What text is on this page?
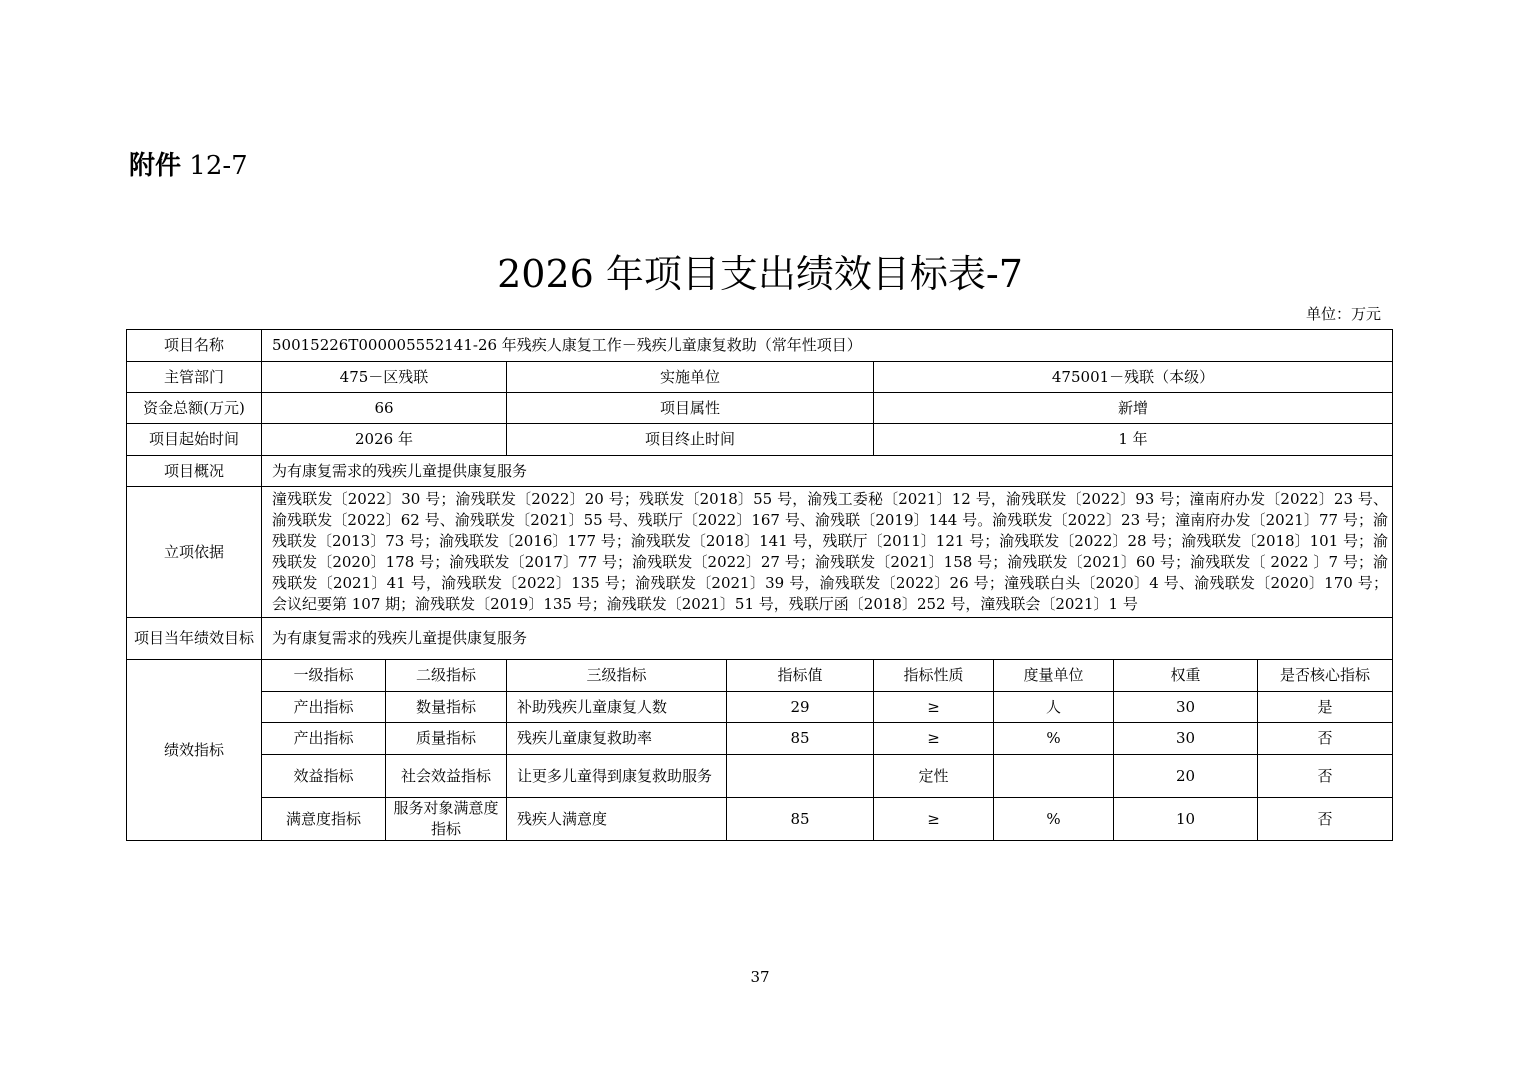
附件 12-7
2026 年项目支出绩效目标表-7
单位：万元
项目名称	50015226T000005552141-26 年残疾人康复工作－残疾儿童康复救助（常年性项目）							
主管部门	475－区残联		实施单位		475001－残联（本级）			
资金总额(万元)	66		项目属性		新增			
项目起始时间	2026 年		项目终止时间		1 年			
项目概况	为有康复需求的残疾儿童提供康复服务							
立项依据	潼残联发〔2022〕30 号；渝残联发〔2022〕20 号；残联发〔2018〕55 号，渝残工委秘〔2021〕12 号，渝残联发〔2022〕93 号；潼南府办发〔2022〕23 号、渝残联发〔2022〕62 号、渝残联发〔2021〕55 号、残联厅〔2022〕167 号、渝残联〔2019〕144 号。渝残联发〔2022〕23 号；潼南府办发〔2021〕77 号；渝残联发〔2013〕73 号；渝残联发〔2016〕177 号；渝残联发〔2018〕141 号，残联厅〔2011〕121 号；渝残联发〔2022〕28 号；渝残联发〔2018〕101 号；渝残联发〔2020〕178 号；渝残联发〔2017〕77 号；渝残联发〔2022〕27 号；渝残联发〔2021〕158 号；渝残联发〔2021〕60 号；渝残联发〔 2022 〕7 号；渝残联发〔2021〕41 号，渝残联发〔2022〕135 号；渝残联发〔2021〕39 号，渝残联发〔2022〕26 号；潼残联白头〔2020〕4 号、渝残联发〔2020〕170 号；会议纪要第 107 期；渝残联发〔2019〕135 号；渝残联发〔2021〕51 号，残联厅函〔2018〕252 号，潼残联会〔2021〕1 号							
项目当年绩效目标	为有康复需求的残疾儿童提供康复服务							
绩效指标	一级指标	二级指标	三级指标	指标值	指标性质	度量单位	权重	是否核心指标
	产出指标	数量指标	补助残疾儿童康复人数	29	≥	人	30	是
	产出指标	质量指标	残疾儿童康复救助率	85	≥	%	30	否
	效益指标	社会效益指标	让更多儿童得到康复救助服务		定性		20	否
	满意度指标	服务对象满意度指标	残疾人满意度	85	≥	%	10	否
37
